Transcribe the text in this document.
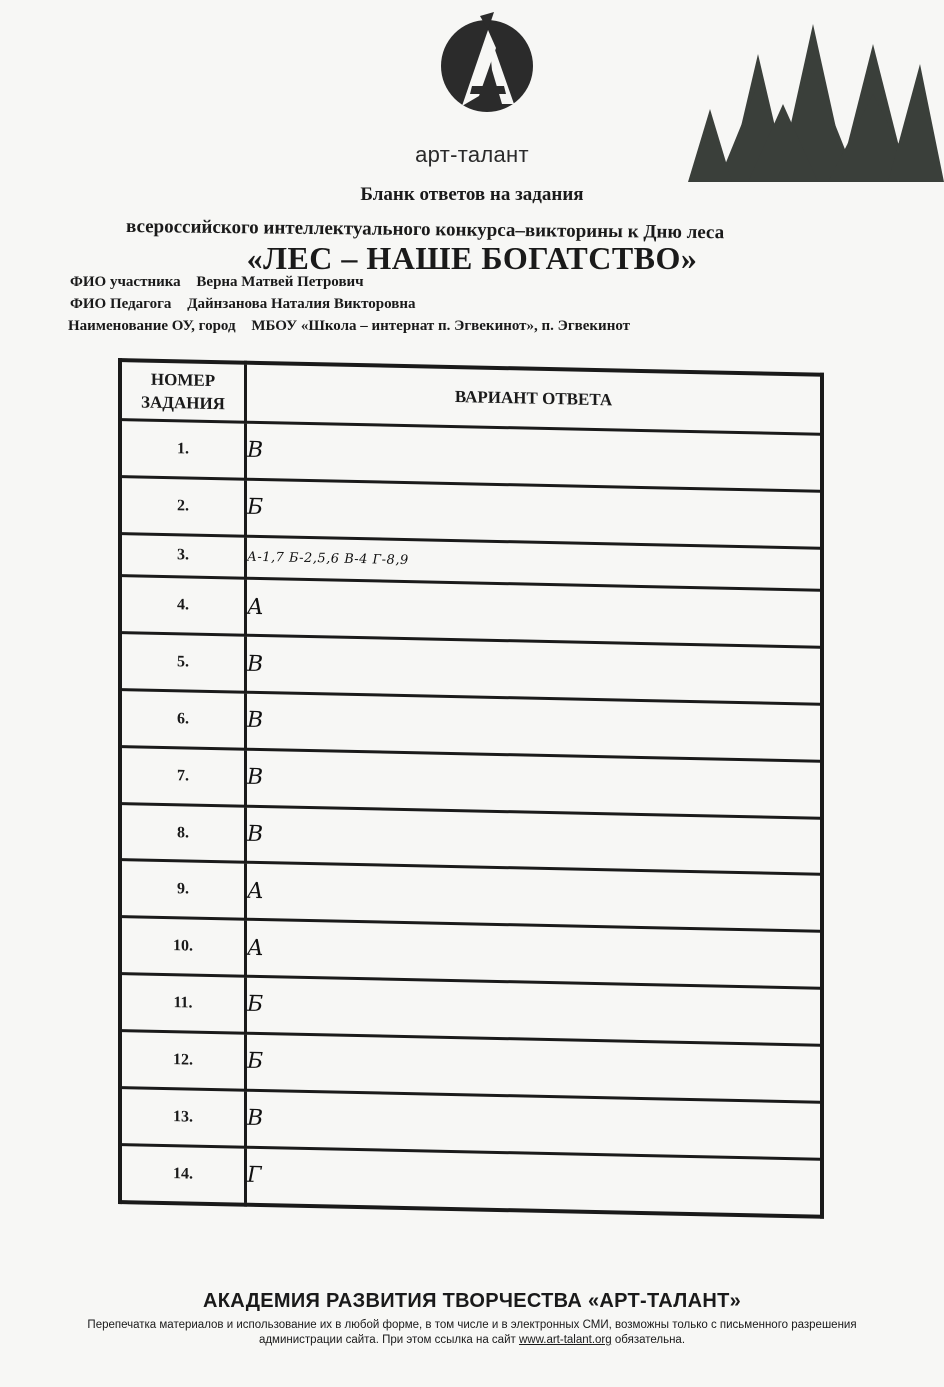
арт-талант
Бланк ответов на задания
всероссийского интеллектуального конкурса–викторины к Дню леса
«ЛЕС – НАШЕ БОГАТСТВО»
ФИО участника Верна Матвей Петрович
ФИО Педагога Дайнзанова Наталия Викторовна
Наименование ОУ, город МБОУ «Школа – интернат п. Эгвекинот», п. Эгвекинот
НОМЕР
ЗАДАНИЯ	ВАРИАНТ ОТВЕТА
1.	В
2.	Б
3.	А-1,7 Б-2,5,6 В-4 Г-8,9
4.	А
5.	В
6.	В
7.	В
8.	В
9.	А
10.	А
11.	Б
12.	Б
13.	В
14.	Г
АКАДЕМИЯ РАЗВИТИЯ ТВОРЧЕСТВА «АРТ-ТАЛАНТ»
Перепечатка материалов и использование их в любой форме, в том числе и в электронных СМИ, возможны только с письменного разрешения администрации сайта. При этом ссылка на сайт www.art-talant.org обязательна.
